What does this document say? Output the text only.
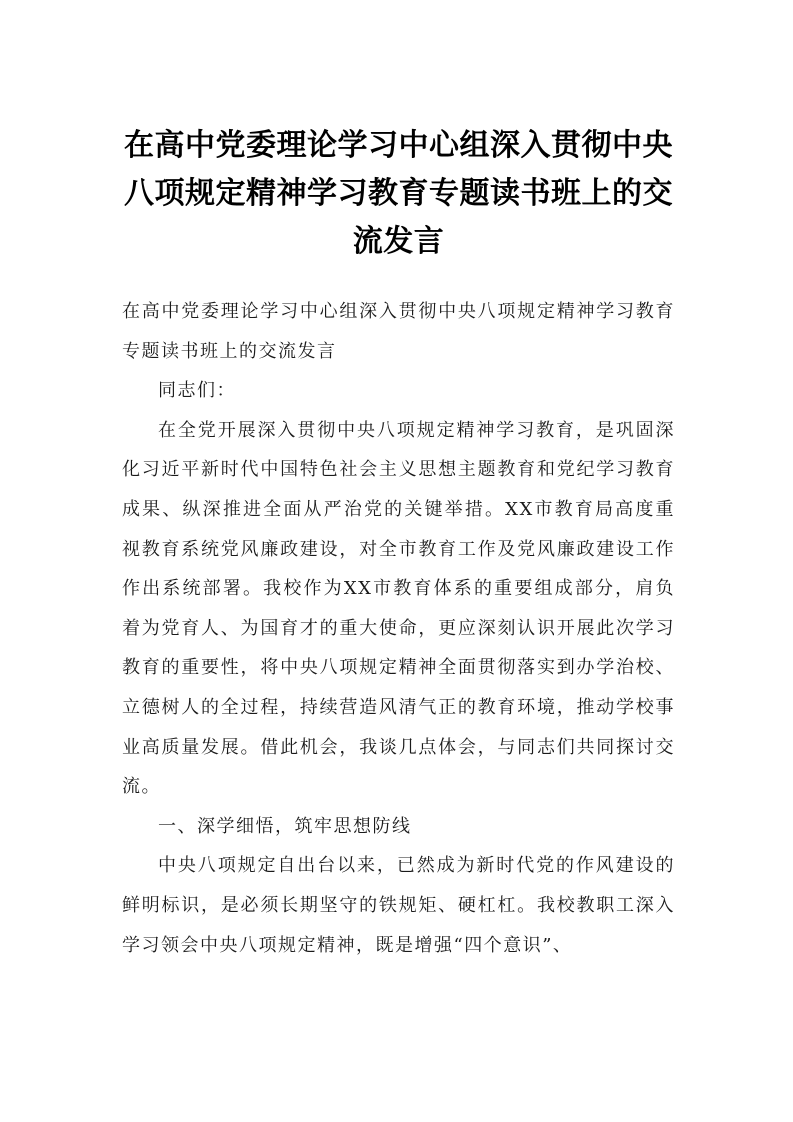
在高中党委理论学习中心组深入贯彻中央八项规定精神学习教育专题读书班上的交流发言

在高中党委理论学习中心组深入贯彻中央八项规定精神学习教育专题读书班上的交流发言

同志们：

在全党开展深入贯彻中央八项规定精神学习教育，是巩固深化习近平新时代中国特色社会主义思想主题教育和党纪学习教育成果、纵深推进全面从严治党的关键举措。XX市教育局高度重视教育系统党风廉政建设，对全市教育工作及党风廉政建设工作作出系统部署。我校作为XX市教育体系的重要组成部分，肩负着为党育人、为国育才的重大使命，更应深刻认识开展此次学习教育的重要性，将中央八项规定精神全面贯彻落实到办学治校、立德树人的全过程，持续营造风清气正的教育环境，推动学校事业高质量发展。借此机会，我谈几点体会，与同志们共同探讨交流。

一、深学细悟，筑牢思想防线

中央八项规定自出台以来，已然成为新时代党的作风建设的鲜明标识，是必须长期坚守的铁规矩、硬杠杠。我校教职工深入学习领会中央八项规定精神，既是增强“四个意识”、
